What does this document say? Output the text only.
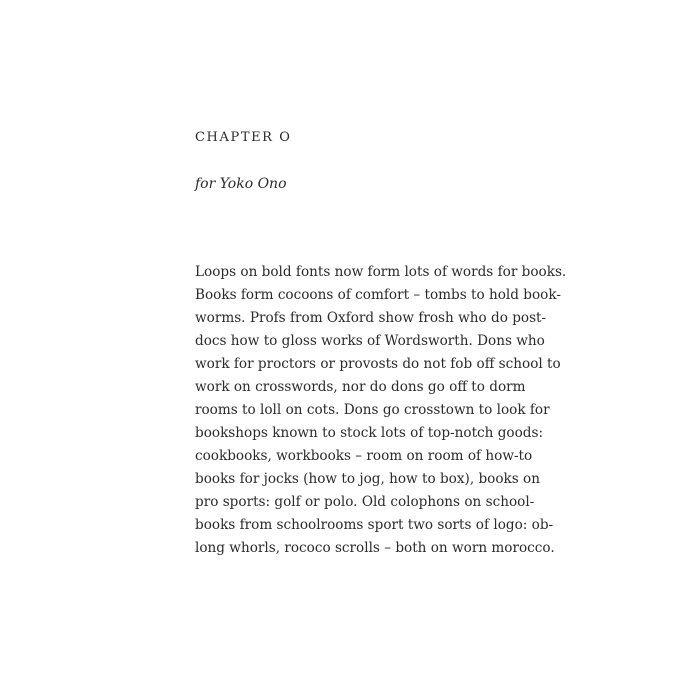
CHAPTER O

for Yoko Ono

Loops on bold fonts now form lots of words for books.
Books form cocoons of comfort – tombs to hold book-
worms. Profs from Oxford show frosh who do post-
docs how to gloss works of Wordsworth. Dons who
work for proctors or provosts do not fob off school to
work on crosswords, nor do dons go off to dorm
rooms to loll on cots. Dons go crosstown to look for
bookshops known to stock lots of top-notch goods:
cookbooks, workbooks – room on room of how-to
books for jocks (how to jog, how to box), books on
pro sports: golf or polo. Old colophons on school-
books from schoolrooms sport two sorts of logo: ob-
long whorls, rococo scrolls – both on worn morocco.
